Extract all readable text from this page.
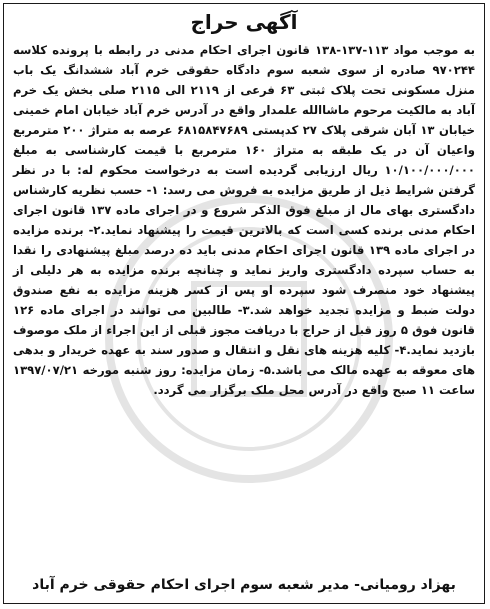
آگهی حراج

به موجب مواد ۱۱۳-۱۳۷-۱۳۸ قانون اجرای احکام مدنی در رابطه با پرونده کلاسه ۹۷۰۲۴۴ صادره از سوی شعبه سوم دادگاه حقوقی خرم آباد ششدانگ یک باب منزل مسکونی تحت پلاک ثبتی ۶۳ فرعی از ۲۱۱۹ الی ۲۱۱۵ صلی بخش یک خرم آباد به مالکیت مرحوم ماشاالله علمدار واقع در آدرس خرم آباد خیابان امام خمینی خیابان ۱۳ آبان شرقی پلاک ۲۷ کدپستی ۶۸۱۵۸۴۷۶۸۹ عرصه به متراژ ۲۰۰ مترمربع واعیان آن در یک طبقه به متراژ ۱۶۰ مترمربع با قیمت کارشناسی به مبلغ ۱۰/۱۰۰/۰۰۰/۰۰۰ ریال ارزیابی گردیده است به درخواست محکوم له: با در نظر گرفتن شرایط ذیل از طریق مزایده به فروش می رسد: ۱- حسب نظریه کارشناس دادگستری بهای مال از مبلغ فوق الذکر شروع و در اجرای ماده ۱۳۷ قانون اجرای احکام مدنی برنده کسی است که بالاترین قیمت را پیشنهاد نماید.۲- برنده مزایده در اجرای ماده ۱۳۹ قانون اجرای احکام مدنی باید ده درصد مبلغ پیشنهادی را نقدا به حساب سپرده دادگستری واریز نماید و چنانچه برنده مزایده به هر دلیلی از پیشنهاد خود منصرف شود سپرده او پس از کسر هزینه مزایده به نفع صندوق دولت ضبط و مزایده تجدید خواهد شد.۳- طالبین می توانند در اجرای ماده ۱۲۶ قانون فوق ۵ روز قبل از حراج با دریافت مجوز قبلی از این اجراء از ملک موصوف بازدید نماید.۴- کلیه هزینه های نقل و انتقال و صدور سند به عهده خریدار و بدهی های معوقه به عهده مالک می باشد.۵- زمان مزایده: روز شنبه مورخه ۱۳۹۷/۰۷/۲۱ ساعت ۱۱ صبح واقع در آدرس محل ملک برگزار می گردد.

بهزاد رومیانی- مدیر شعبه سوم اجرای احکام حقوقی خرم آباد
